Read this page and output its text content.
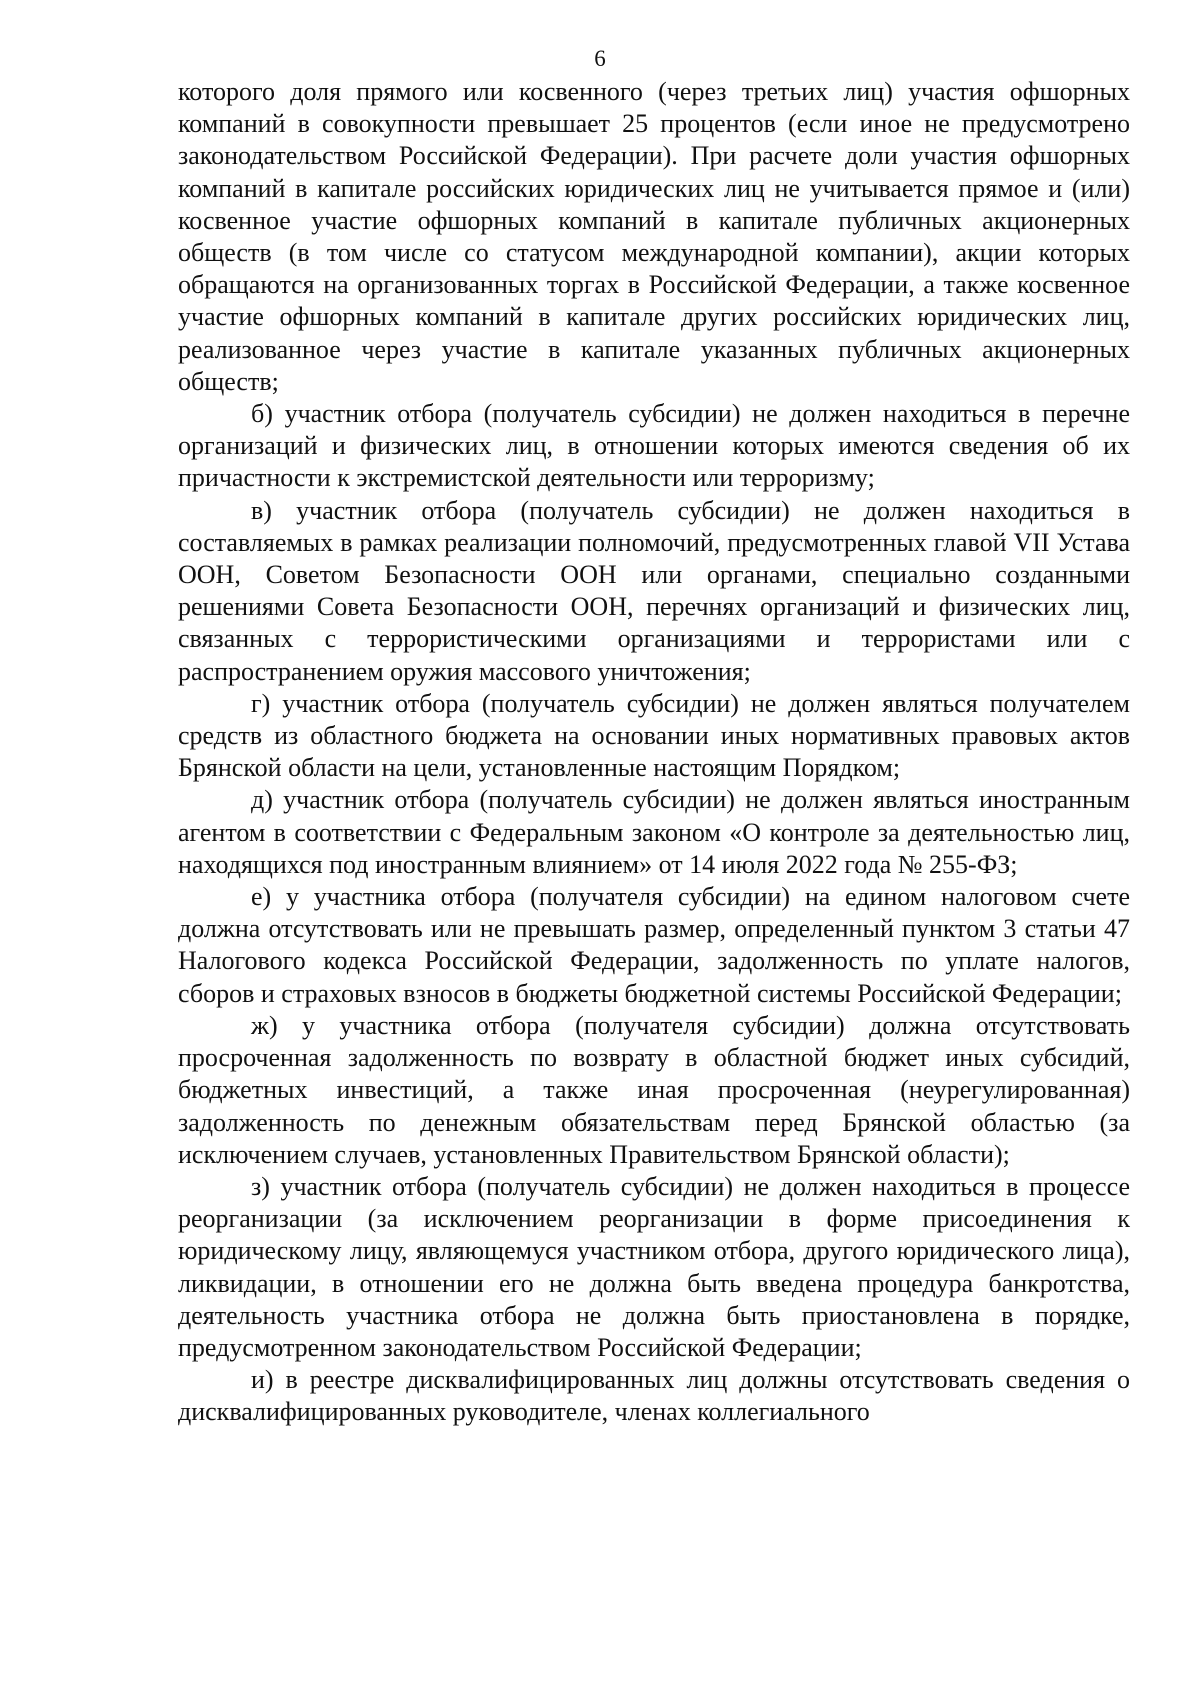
6

которого доля прямого или косвенного (через третьих лиц) участия офшорных компаний в совокупности превышает 25 процентов (если иное не предусмотрено законодательством Российской Федерации). При расчете доли участия офшорных компаний в капитале российских юридических лиц не учитывается прямое и (или) косвенное участие офшорных компаний в капитале публичных акционерных обществ (в том числе со статусом международной компании), акции которых обращаются на организованных торгах в Российской Федерации, а также косвенное участие офшорных компаний в капитале других российских юридических лиц, реализованное через участие в капитале указанных публичных акционерных обществ;

б) участник отбора (получатель субсидии) не должен находиться в перечне организаций и физических лиц, в отношении которых имеются сведения об их причастности к экстремистской деятельности или терроризму;

в) участник отбора (получатель субсидии) не должен находиться в составляемых в рамках реализации полномочий, предусмотренных главой VII Устава ООН, Советом Безопасности ООН или органами, специально созданными решениями Совета Безопасности ООН, перечнях организаций и физических лиц, связанных с террористическими организациями и террористами или с распространением оружия массового уничтожения;

г) участник отбора (получатель субсидии) не должен являться получателем средств из областного бюджета на основании иных нормативных правовых актов Брянской области на цели, установленные настоящим Порядком;

д) участник отбора (получатель субсидии) не должен являться иностранным агентом в соответствии с Федеральным законом «О контроле за деятельностью лиц, находящихся под иностранным влиянием» от 14 июля 2022 года № 255-ФЗ;

е) у участника отбора (получателя субсидии) на едином налоговом счете должна отсутствовать или не превышать размер, определенный пунктом 3 статьи 47 Налогового кодекса Российской Федерации, задолженность по уплате налогов, сборов и страховых взносов в бюджеты бюджетной системы Российской Федерации;

ж) у участника отбора (получателя субсидии) должна отсутствовать просроченная задолженность по возврату в областной бюджет иных субсидий, бюджетных инвестиций, а также иная просроченная (неурегулированная) задолженность по денежным обязательствам перед Брянской областью (за исключением случаев, установленных Правительством Брянской области);

з) участник отбора (получатель субсидии) не должен находиться в процессе реорганизации (за исключением реорганизации в форме присоединения к юридическому лицу, являющемуся участником отбора, другого юридического лица), ликвидации, в отношении его не должна быть введена процедура банкротства, деятельность участника отбора не должна быть приостановлена в порядке, предусмотренном законодательством Российской Федерации;

и) в реестре дисквалифицированных лиц должны отсутствовать сведения о дисквалифицированных руководителе, членах коллегиального
